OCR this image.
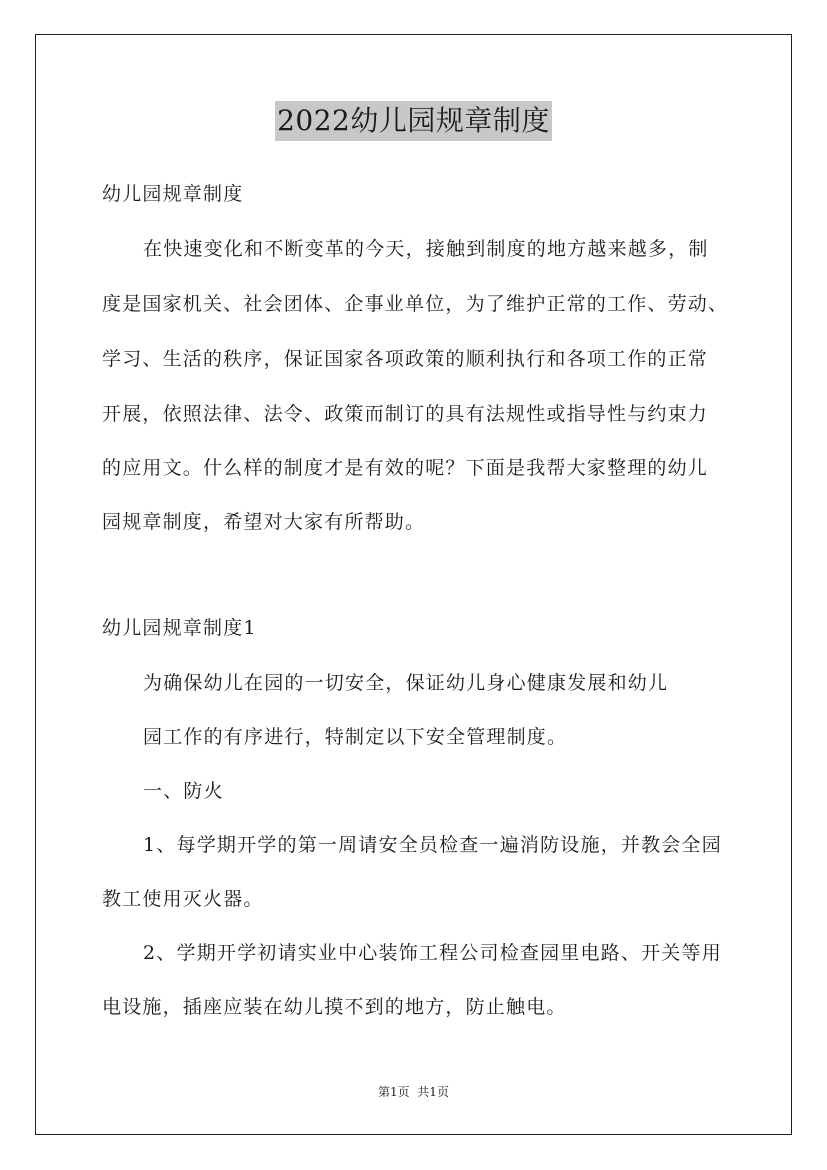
2022幼儿园规章制度
幼儿园规章制度
在快速变化和不断变革的今天，接触到制度的地方越来越多，制
度是国家机关、社会团体、企事业单位，为了维护正常的工作、劳动、
学习、生活的秩序，保证国家各项政策的顺利执行和各项工作的正常
开展，依照法律、法令、政策而制订的具有法规性或指导性与约束力
的应用文。什么样的制度才是有效的呢？下面是我帮大家整理的幼儿
园规章制度，希望对大家有所帮助。
幼儿园规章制度1
为确保幼儿在园的一切安全，保证幼儿身心健康发展和幼儿
园工作的有序进行，特制定以下安全管理制度。
一、防火
1、每学期开学的第一周请安全员检查一遍消防设施，并教会全园
教工使用灭火器。
2、学期开学初请实业中心装饰工程公司检查园里电路、开关等用
电设施，插座应装在幼儿摸不到的地方，防止触电。
第1页  共1页
